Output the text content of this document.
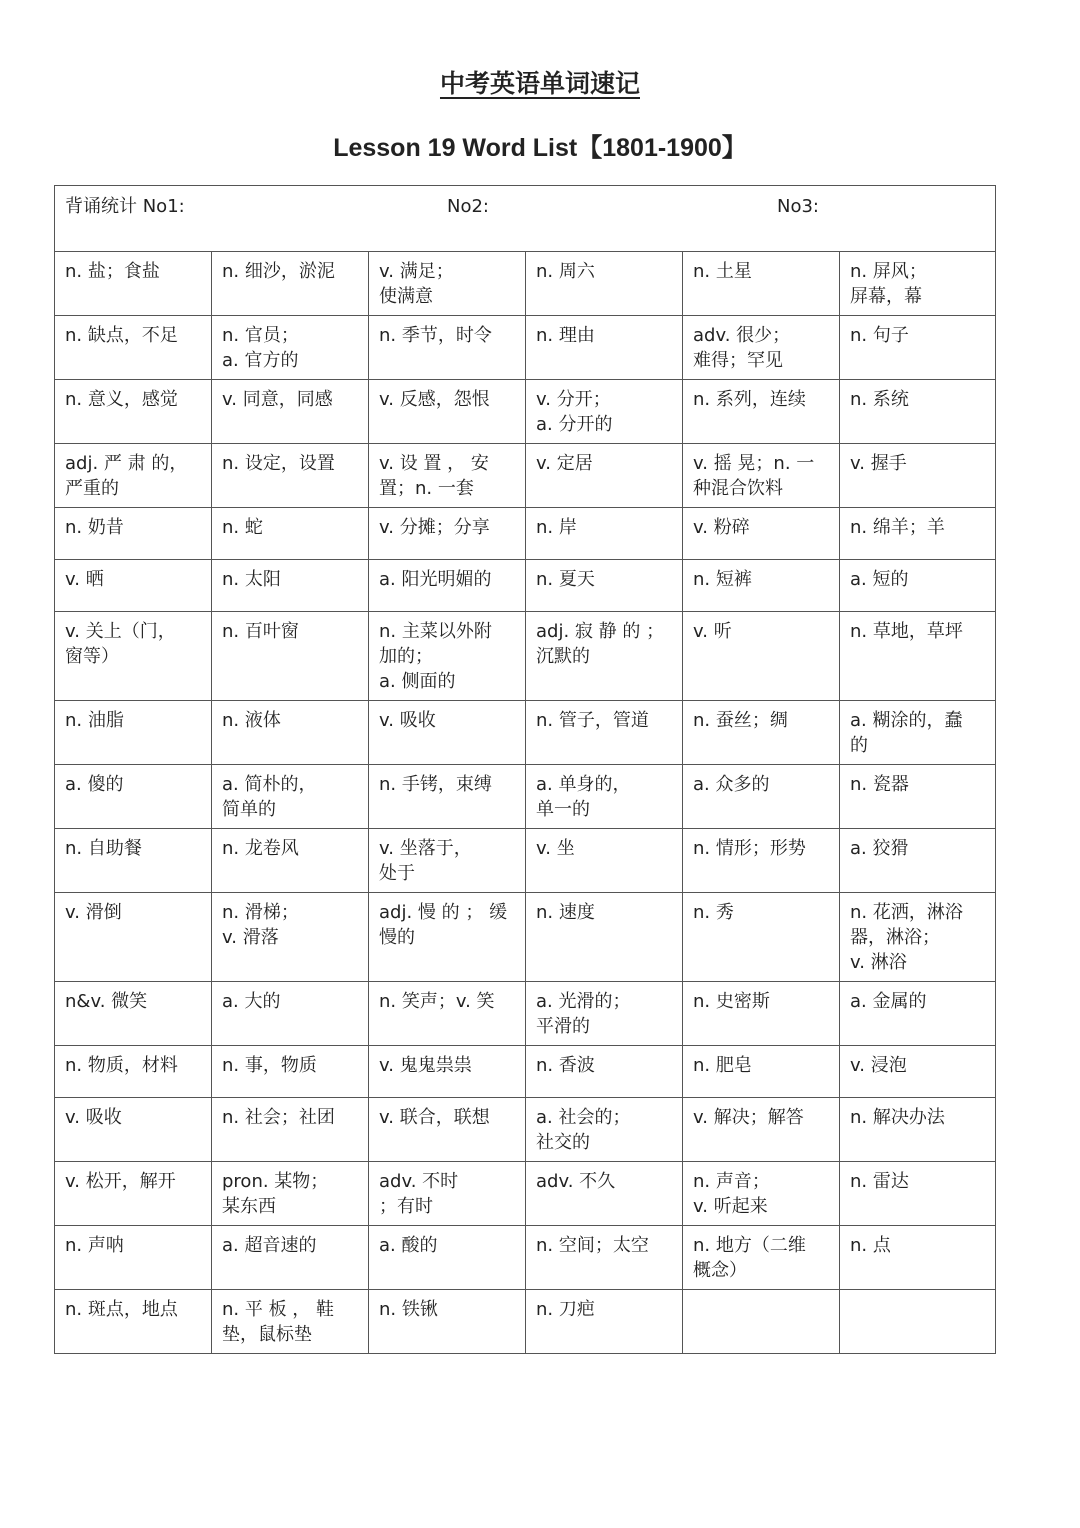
中考英语单词速记
Lesson 19 Word List【1801-1900】
背诵统计 No1: No2: No3:					

n. 盐；食盐	n. 细沙，淤泥	v. 满足；
使满意	n. 周六	n. 土星	n. 屏风；
屏幕，幕

n. 缺点，不足	n. 官员；
a. 官方的	n. 季节，时令	n. 理由	adv. 很少；
难得；罕见	n. 句子

n. 意义，感觉	v. 同意，同感	v. 反感，怨恨	v. 分开；
a. 分开的	n. 系列，连续	n. 系统

adj. 严 肃 的，
严重的	n. 设定，设置	v. 设 置 ， 安
置；n. 一套	v. 定居	v. 摇 晃；n. 一
种混合饮料	v. 握手

n. 奶昔	n. 蛇	v. 分摊；分享	n. 岸	v. 粉碎	n. 绵羊；羊

v. 晒	n. 太阳	a. 阳光明媚的	n. 夏天	n. 短裤	a. 短的

v. 关上（门，
窗等）	n. 百叶窗	n. 主菜以外附
加的；
a. 侧面的	adj. 寂 静 的 ；
沉默的	v. 听	n. 草地，草坪

n. 油脂	n. 液体	v. 吸收	n. 管子，管道	n. 蚕丝；绸	a. 糊涂的，蠢
的

a. 傻的	a. 简朴的，
简单的	n. 手铐，束缚	a. 单身的，
单一的	a. 众多的	n. 瓷器

n. 自助餐	n. 龙卷风	v. 坐落于，
处于	v. 坐	n. 情形；形势	a. 狡猾

v. 滑倒	n. 滑梯；
v. 滑落	adj. 慢 的 ； 缓
慢的	n. 速度	n. 秀	n. 花洒，淋浴
器，淋浴；
v. 淋浴

n&v. 微笑	a. 大的	n. 笑声；v. 笑	a. 光滑的；
平滑的	n. 史密斯	a. 金属的

n. 物质，材料	n. 事，物质	v. 鬼鬼祟祟	n. 香波	n. 肥皂	v. 浸泡

v. 吸收	n. 社会；社团	v. 联合，联想	a. 社会的；
社交的	v. 解决；解答	n. 解决办法

v. 松开，解开	pron. 某物；
某东西	adv. 不时
；有时	adv. 不久	n. 声音；
v. 听起来	n. 雷达

n. 声呐	a. 超音速的	a. 酸的	n. 空间；太空	n. 地方（二维
概念）	n. 点

n. 斑点，地点	n. 平 板 ， 鞋
垫，鼠标垫	n. 铁锹	n. 刀疤		
